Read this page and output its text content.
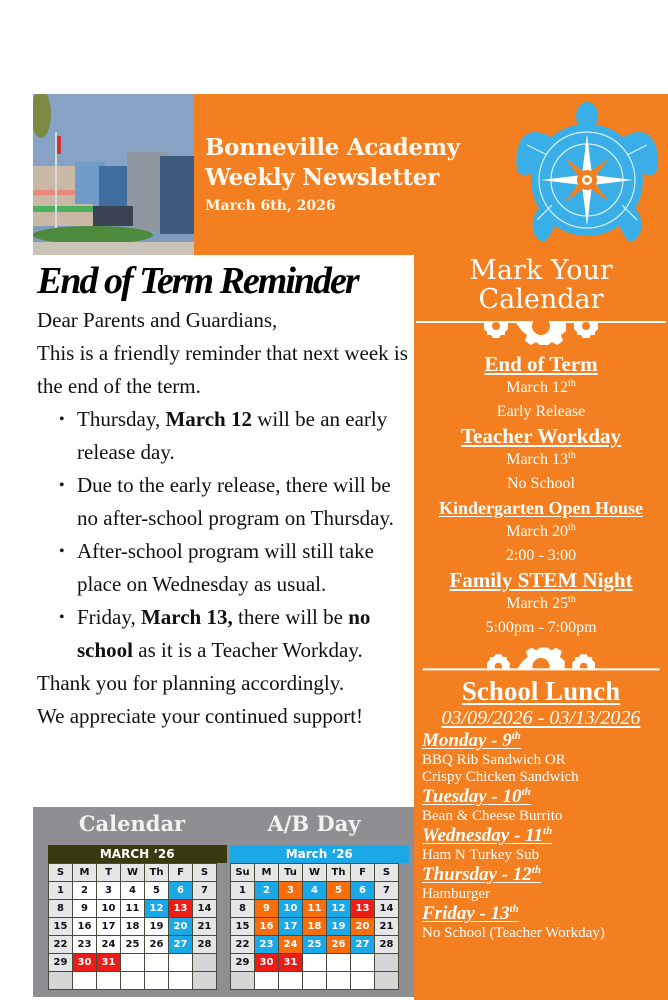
Bonneville Academy
Weekly Newsletter
March 6th, 2026
End of Term Reminder
Dear Parents and Guardians,
This is a friendly reminder that next week is the end of the term.
• Thursday, March 12 will be an early release day.
• Due to the early release, there will be no after-school program on Thursday.
• After-school program will still take place on Wednesday as usual.
• Friday, March 13, there will be no school as it is a Teacher Workday.
Thank you for planning accordingly.
We appreciate your continued support!
Mark Your
Calendar
End of Term
March 12th
Early Release
Teacher Workday
March 13th
No School
Kindergarten Open House
March 20th
2:00 - 3:00
Family STEM Night
March 25th
5:00pm - 7:00pm
School Lunch
03/09/2026 - 03/13/2026
Monday - 9th
BBQ Rib Sandwich OR
Crispy Chicken Sandwich
Tuesday - 10th
Bean & Cheese Burrito
Wednesday - 11th
Ham N Turkey Sub
Thursday - 12th
Hamburger
Friday - 13th
No School (Teacher Workday)
Calendar	A/B Day
MARCH ‘26
S	M	T	W	Th	F	S
1	2	3	4	5	6	7
8	9	10	11	12	13	14
15	16	17	18	19	20	21
22	23	24	25	26	27	28
29	30	31				

March ‘26
Su	M	Tu	W	Th	F	S
1	2	3	4	5	6	7
8	9	10	11	12	13	14
15	16	17	18	19	20	21
22	23	24	25	26	27	28
29	30	31				
